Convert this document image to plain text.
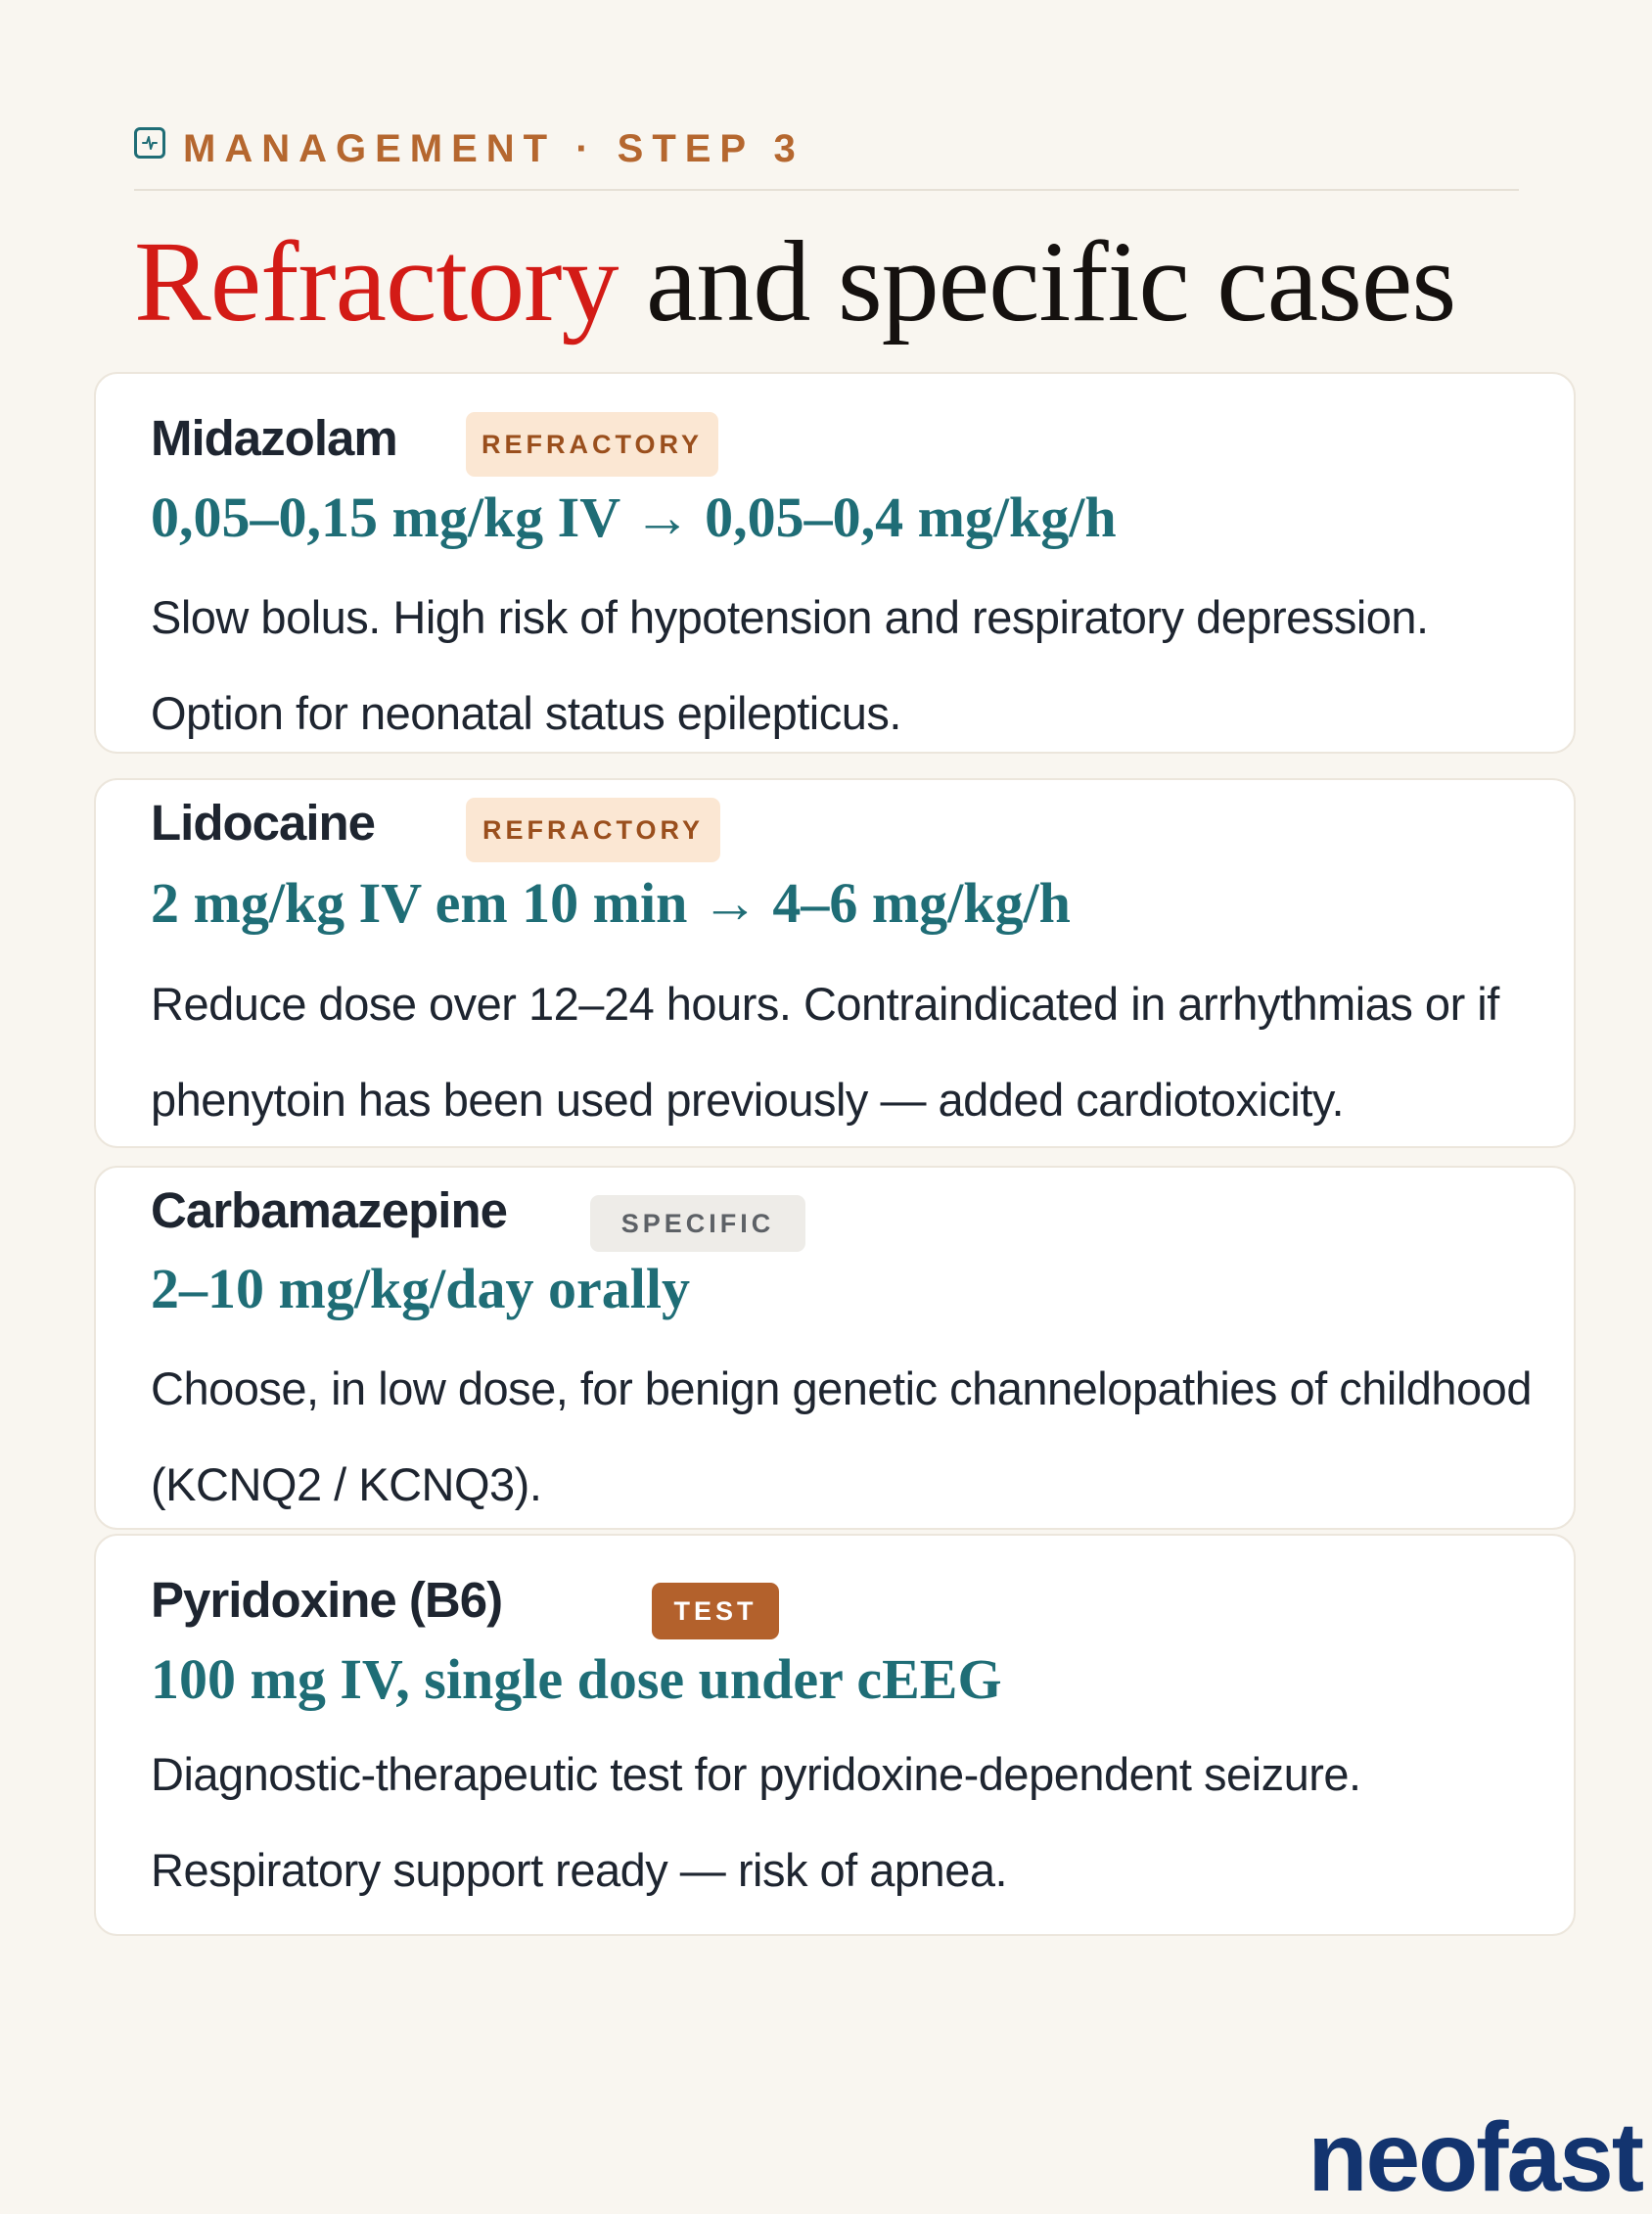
MANAGEMENT · STEP 3
Refractory and specific cases
Midazolam	REFRACTORY
0,05–0,15 mg/kg IV → 0,05–0,4 mg/kg/h
Slow bolus. High risk of hypotension and respiratory depression. Option for neonatal status epilepticus.
Lidocaine	REFRACTORY
2 mg/kg IV em 10 min → 4–6 mg/kg/h
Reduce dose over 12–24 hours. Contraindicated in arrhythmias or if phenytoin has been used previously — added cardiotoxicity.
Carbamazepine	SPECIFIC
2–10 mg/kg/day orally
Choose, in low dose, for benign genetic channelopathies of childhood (KCNQ2 / KCNQ3).
Pyridoxine (B6)	TEST
100 mg IV, single dose under cEEG
Diagnostic-therapeutic test for pyridoxine-dependent seizure. Respiratory support ready — risk of apnea.
neofast
